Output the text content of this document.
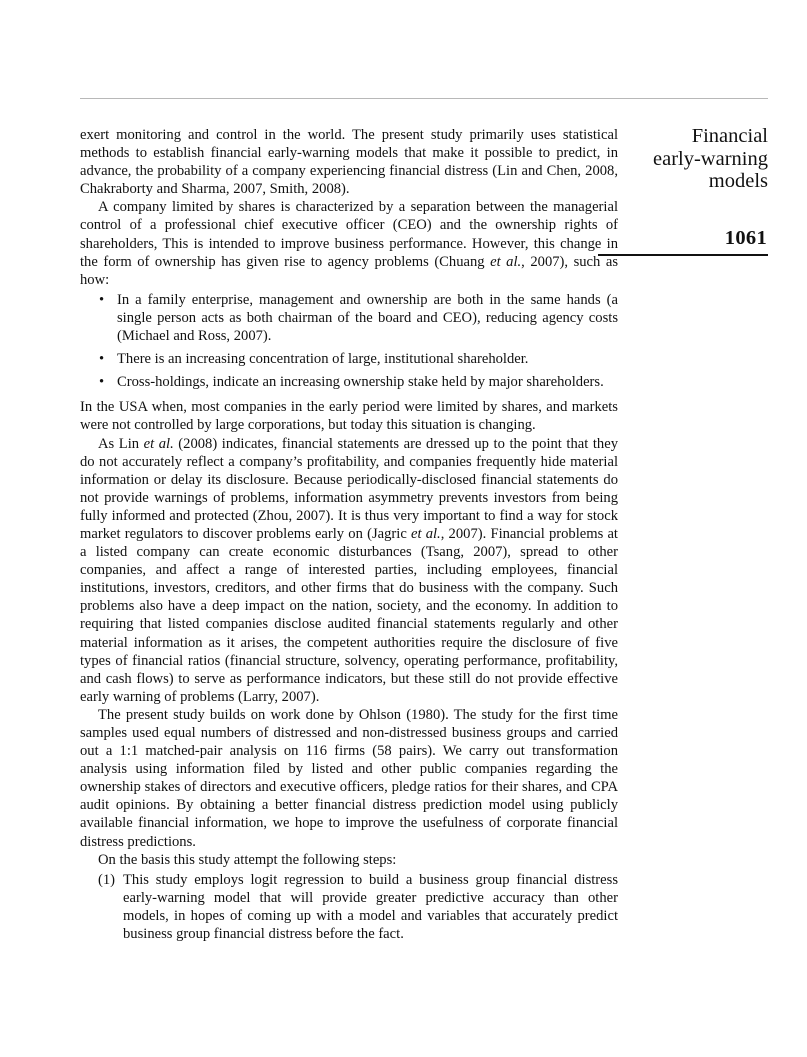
Financial
early-warning
models
1061

exert monitoring and control in the world. The present study primarily uses statistical methods to establish financial early-warning models that make it possible to predict, in advance, the probability of a company experiencing financial distress (Lin and Chen, 2008, Chakraborty and Sharma, 2007, Smith, 2008).

A company limited by shares is characterized by a separation between the managerial control of a professional chief executive officer (CEO) and the ownership rights of shareholders, This is intended to improve business performance. However, this change in the form of ownership has given rise to agency problems (Chuang et al., 2007), such as how:

• In a family enterprise, management and ownership are both in the same hands (a single person acts as both chairman of the board and CEO), reducing agency costs (Michael and Ross, 2007).
• There is an increasing concentration of large, institutional shareholder.
• Cross-holdings, indicate an increasing ownership stake held by major shareholders.

In the USA when, most companies in the early period were limited by shares, and markets were not controlled by large corporations, but today this situation is changing.

As Lin et al. (2008) indicates, financial statements are dressed up to the point that they do not accurately reflect a company’s profitability, and companies frequently hide material information or delay its disclosure. Because periodically-disclosed financial statements do not provide warnings of problems, information asymmetry prevents investors from being fully informed and protected (Zhou, 2007). It is thus very important to find a way for stock market regulators to discover problems early on (Jagric et al., 2007). Financial problems at a listed company can create economic disturbances (Tsang, 2007), spread to other companies, and affect a range of interested parties, including employees, financial institutions, investors, creditors, and other firms that do business with the company. Such problems also have a deep impact on the nation, society, and the economy. In addition to requiring that listed companies disclose audited financial statements regularly and other material information as it arises, the competent authorities require the disclosure of five types of financial ratios (financial structure, solvency, operating performance, profitability, and cash flows) to serve as performance indicators, but these still do not provide effective early warning of problems (Larry, 2007).

The present study builds on work done by Ohlson (1980). The study for the first time samples used equal numbers of distressed and non-distressed business groups and carried out a 1:1 matched-pair analysis on 116 firms (58 pairs). We carry out transformation analysis using information filed by listed and other public companies regarding the ownership stakes of directors and executive officers, pledge ratios for their shares, and CPA audit opinions. By obtaining a better financial distress prediction model using publicly available financial information, we hope to improve the usefulness of corporate financial distress predictions.

On the basis this study attempt the following steps:

(1) This study employs logit regression to build a business group financial distress early-warning model that will provide greater predictive accuracy than other models, in hopes of coming up with a model and variables that accurately predict business group financial distress before the fact.
